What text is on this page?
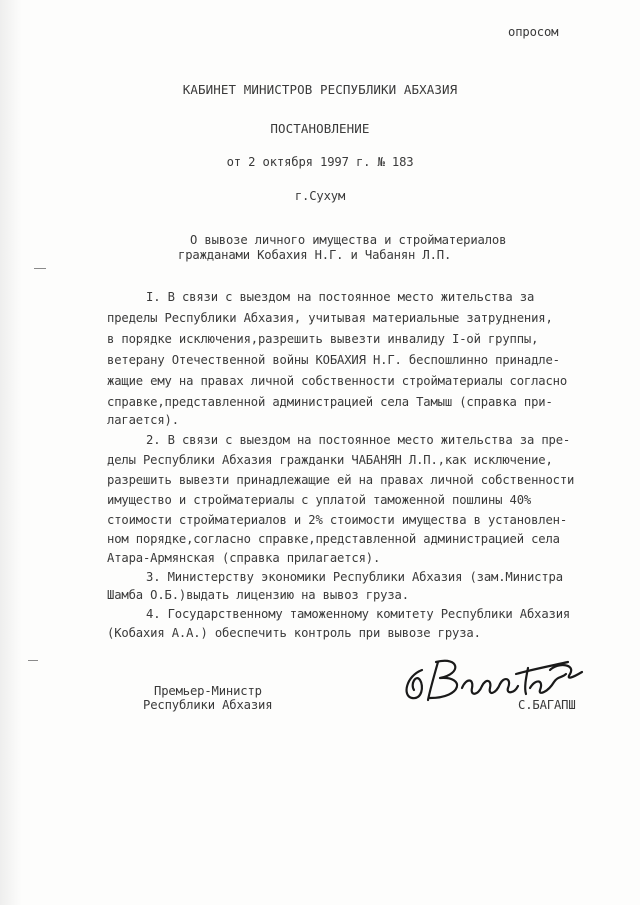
опросом
КАБИНЕТ МИНИСТРОВ РЕСПУБЛИКИ АБХАЗИЯ
ПОСТАНОВЛЕНИЕ
от 2 октября 1997 г. № 183
г.Сухум
О вывозе личного имущества и стройматериалов
гражданами Кобахия Н.Г. и Чабанян Л.П.
I. В связи с выездом на постоянное место жительства за
пределы Республики Абхазия, учитывая материальные затруднения,
в порядке исключения,разрешить вывезти инвалиду I-ой группы,
ветерану Отечественной войны КОБАХИЯ Н.Г. беспошлинно принадле-
жащие ему на правах личной собственности стройматериалы согласно
справке,представленной администрацией села Тамыш (справка при-
лагается).
2. В связи с выездом на постоянное место жительства за пре-
делы Республики Абхазия гражданки ЧАБАНЯН Л.П.,как исключение,
разрешить вывезти принадлежащие ей на правах личной собственности
имущество и стройматериалы с уплатой таможенной пошлины 40%
стоимости стройматериалов и 2% стоимости имущества в установлен-
ном порядке,согласно справке,представленной администрацией села
Атара-Армянская (справка прилагается).
3. Министерству экономики Республики Абхазия (зам.Министра
Шамба О.Б.)выдать лицензию на вывоз груза.
4. Государственному таможенному комитету Республики Абхазия
(Кобахия А.А.) обеспечить контроль при вывозе груза.
Премьер-Министр
Республики Абхазия	С.БАГАПШ
